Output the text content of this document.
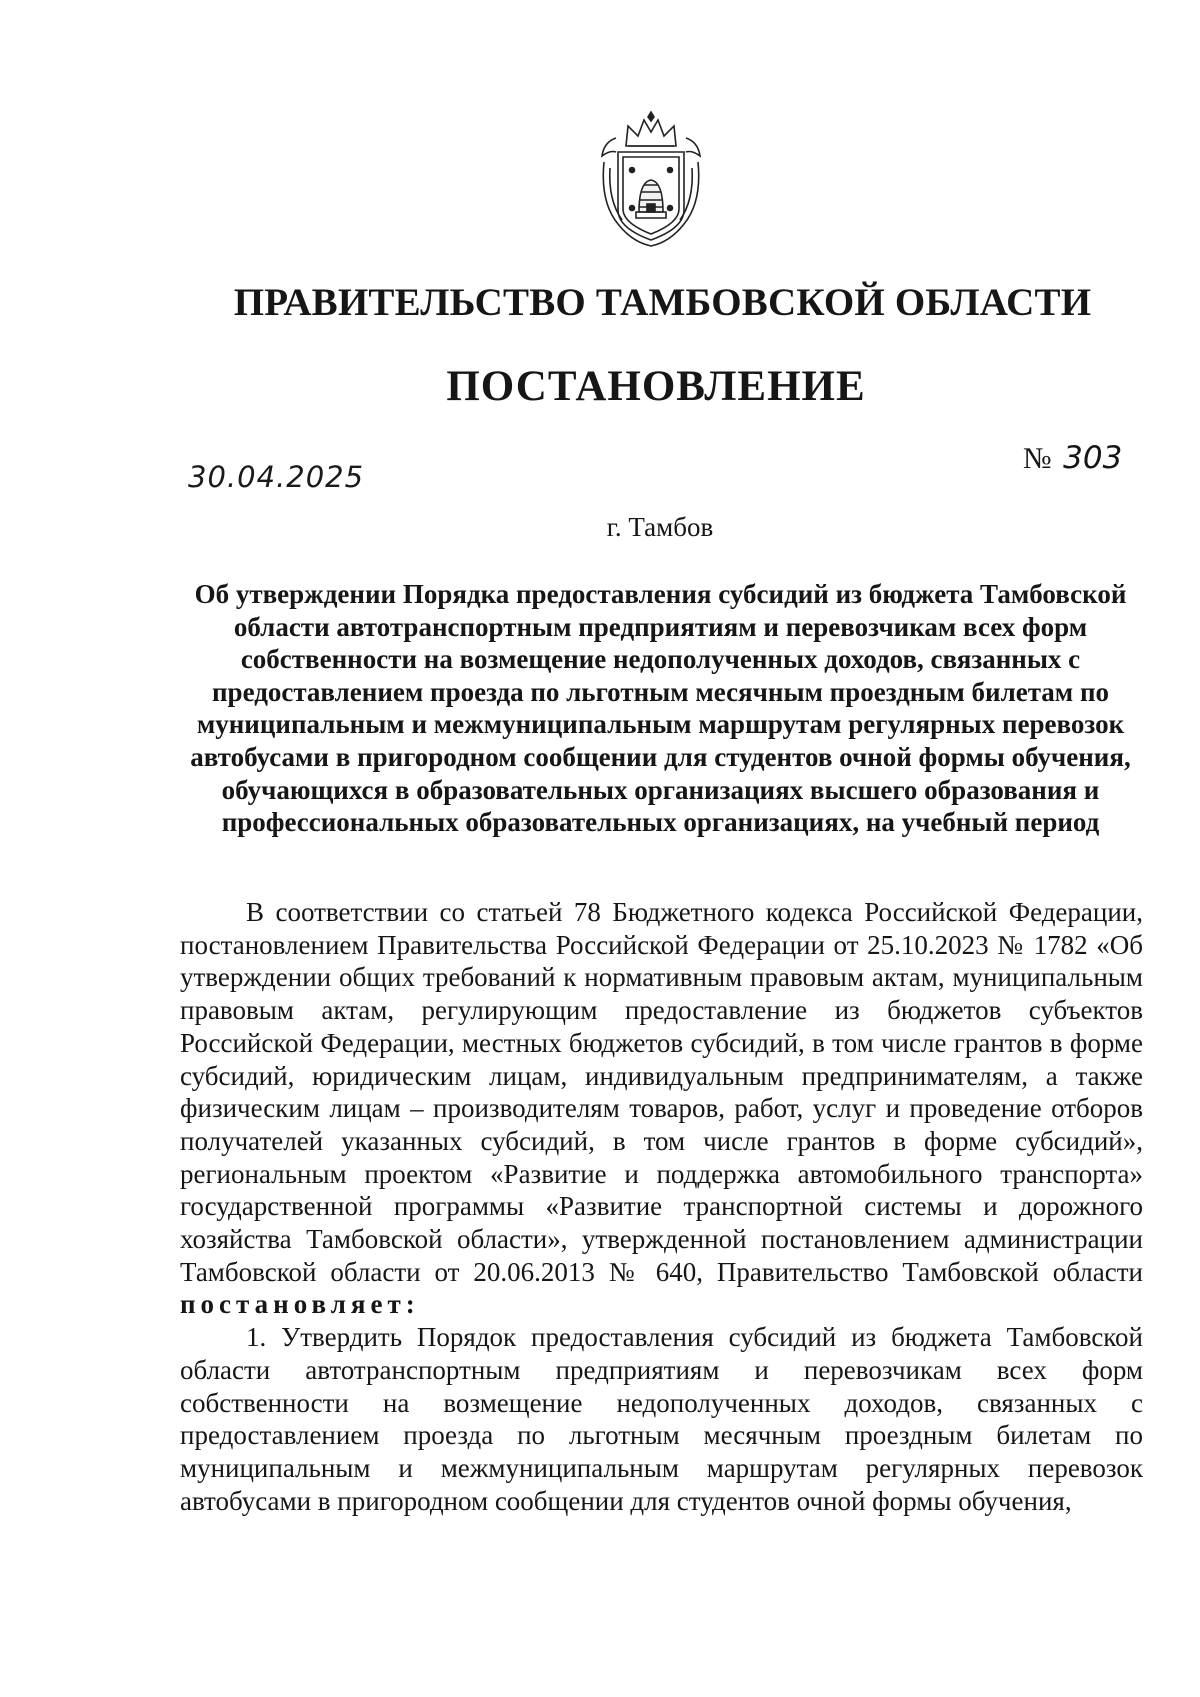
ПРАВИТЕЛЬСТВО ТАМБОВСКОЙ ОБЛАСТИ
ПОСТАНОВЛЕНИЕ
30.04.2025
№ 303
г. Тамбов
Об утверждении Порядка предоставления субсидий из бюджета Тамбовской области автотранспортным предприятиям и перевозчикам всех форм собственности на возмещение недополученных доходов, связанных с предоставлением проезда по льготным месячным проездным билетам по муниципальным и межмуниципальным маршрутам регулярных перевозок автобусами в пригородном сообщении для студентов очной формы обучения, обучающихся в образовательных организациях высшего образования и профессиональных образовательных организациях, на учебный период

В соответствии со статьей 78 Бюджетного кодекса Российской Федерации, постановлением Правительства Российской Федерации от 25.10.2023 № 1782 «Об утверждении общих требований к нормативным правовым актам, муниципальным правовым актам, регулирующим предоставление из бюджетов субъектов Российской Федерации, местных бюджетов субсидий, в том числе грантов в форме субсидий, юридическим лицам, индивидуальным предпринимателям, а также физическим лицам – производителям товаров, работ, услуг и проведение отборов получателей указанных субсидий, в том числе грантов в форме субсидий», региональным проектом «Развитие и поддержка автомобильного транспорта» государственной программы «Развитие транспортной системы и дорожного хозяйства Тамбовской области», утвержденной постановлением администрации Тамбовской области от 20.06.2013 № 640, Правительство Тамбовской области постановляет:

1. Утвердить Порядок предоставления субсидий из бюджета Тамбовской области автотранспортным предприятиям и перевозчикам всех форм собственности на возмещение недополученных доходов, связанных с предоставлением проезда по льготным месячным проездным билетам по муниципальным и межмуниципальным маршрутам регулярных перевозок автобусами в пригородном сообщении для студентов очной формы обучения,
